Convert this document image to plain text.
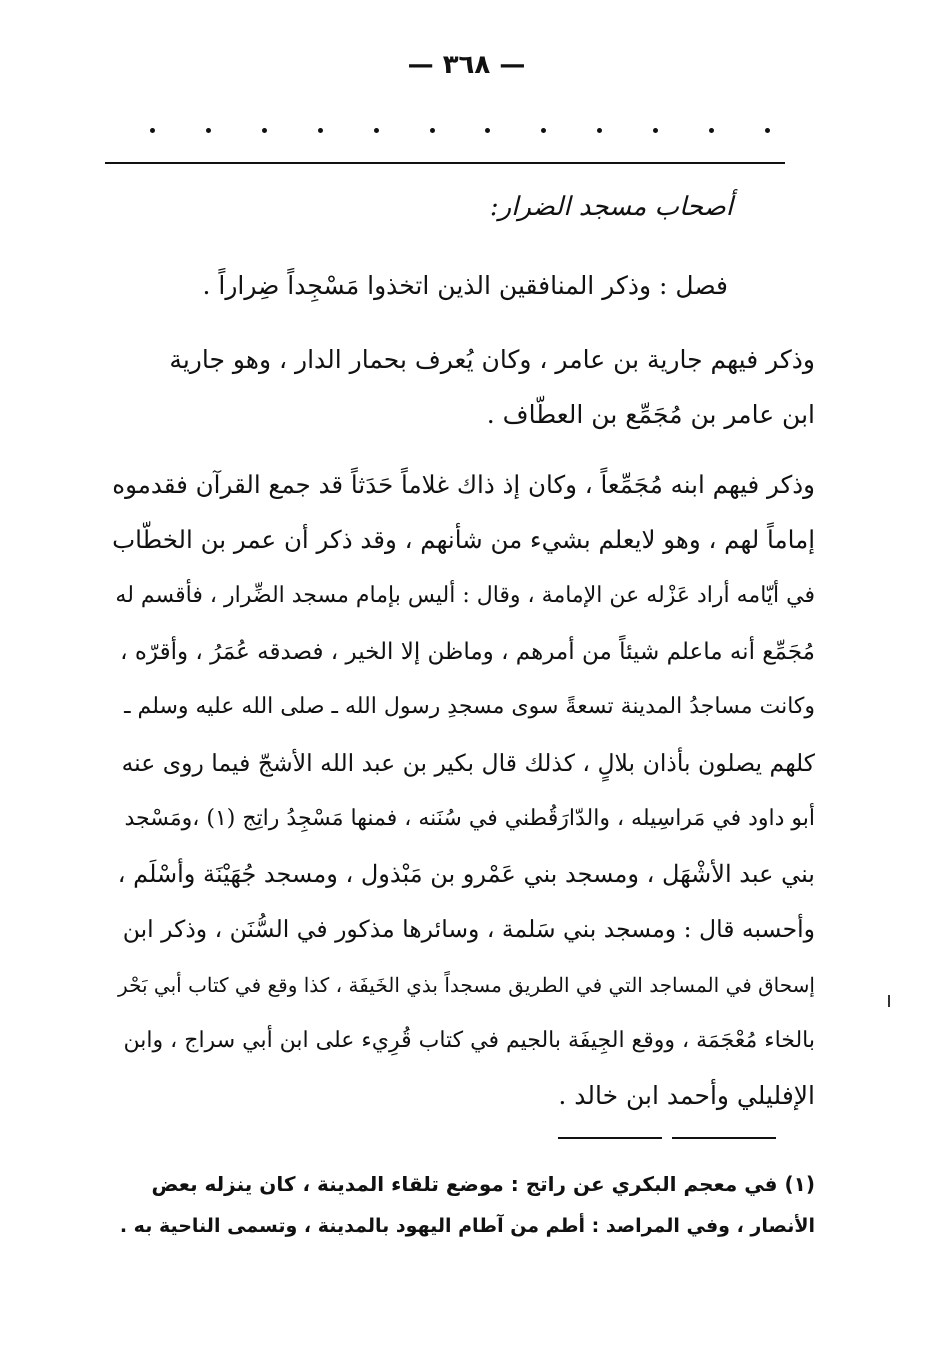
— ٣٦٨ —
أصحاب مسجد الضرار:
فصل : وذكر المنافقين الذين اتخذوا مَسْجِداً ضِراراً .
وذكر فيهم جارية بن عامر ، وكان يُعرف بحمار الدار ، وهو جارية
ابن عامر بن مُجَمِّع بن العطّاف .
وذكر فيهم ابنه مُجَمِّعاً ، وكان إذ ذاك غلاماً حَدَثاً قد جمع القرآن فقدموه
إماماً لهم ، وهو لايعلم بشيء من شأنهم ، وقد ذكر أن عمر بن الخطّاب
في أيّامه أراد عَزْله عن الإمامة ، وقال : أليس بإمام مسجد الضِّرار ، فأقسم له
مُجَمِّع أنه ماعلم شيئاً من أمرهم ، وماظن إلا الخير ، فصدقه عُمَرُ ، وأقرّه ،
وكانت مساجدُ المدينة تسعةً سوى مسجدِ رسول الله ـ صلى الله عليه وسلم ـ
كلهم يصلون بأذان بلالٍ ، كذلك قال بكير بن عبد الله الأشجّ فيما روى عنه
أبو داود في مَراسِيله ، والدّارَقُطني في سُنَنه ، فمنها مَسْجِدُ راتِج (١) ،ومَسْجد
بني عبد الأشْهَل ، ومسجد بني عَمْرو بن مَبْذول ، ومسجد جُهَيْنَة وأسْلَم ،
وأحسبه قال : ومسجد بني سَلمة ، وسائرها مذكور في السُّنَن ، وذكر ابن
إسحاق في المساجد التي في الطريق مسجداً بذي الخَيفَة ، كذا وقع في كتاب أبي بَحْر
بالخاء مُعْجَمَة ، ووقع الجِيفَة بالجيم في كتاب قُرِيء على ابن أبي سراج ، وابن
الإفليلي وأحمد ابن خالد .
(١) في معجم البكري عن راتج : موضع تلقاء المدينة ، كان ينزله بعض
الأنصار ، وفي المراصد : أطم من آطام اليهود بالمدينة ، وتسمى الناحية به .
